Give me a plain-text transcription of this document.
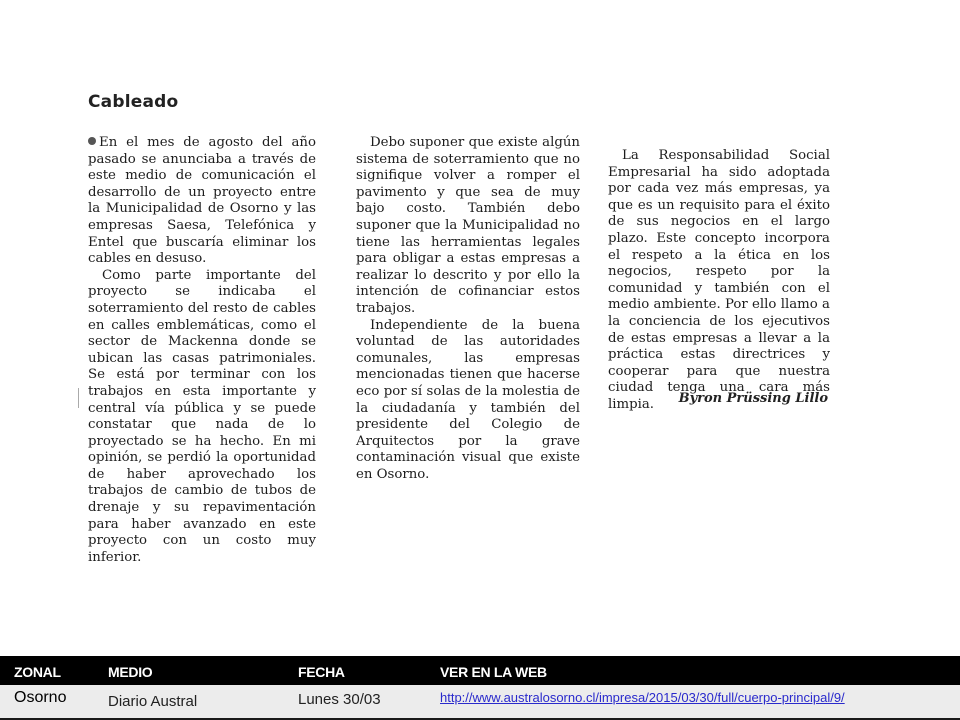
Cableado

En el mes de agosto del año pasado se anunciaba a través de este medio de comunicación el desarrollo de un proyecto entre la Municipalidad de Osorno y las empresas Saesa, Telefónica y Entel que buscaría eliminar los cables en desuso.

Como parte importante del proyecto se indicaba el soterramiento del resto de cables en calles emblemáticas, como el sector de Mackenna donde se ubican las casas patrimoniales. Se está por terminar con los trabajos en esta importante y central vía pública y se puede constatar que nada de lo proyectado se ha hecho. En mi opinión, se perdió la oportunidad de haber aprovechado los trabajos de cambio de tubos de drenaje y su repavimentación para haber avanzado en este proyecto con un costo muy inferior.

Debo suponer que existe algún sistema de soterramiento que no signifique volver a romper el pavimento y que sea de muy bajo costo. También debo suponer que la Municipalidad no tiene las herramientas legales para obligar a estas empresas a realizar lo descrito y por ello la intención de cofinanciar estos trabajos.

Independiente de la buena voluntad de las autoridades comunales, las empresas mencionadas tienen que hacerse eco por sí solas de la molestia de la ciudadanía y también del presidente del Colegio de Arquitectos por la grave contaminación visual que existe en Osorno.

La Responsabilidad Social Empresarial ha sido adoptada por cada vez más empresas, ya que es un requisito para el éxito de sus negocios en el largo plazo. Este concepto incorpora el respeto a la ética en los negocios, respeto por la comunidad y también con el medio ambiente. Por ello llamo a la conciencia de los ejecutivos de estas empresas a llevar a la práctica estas directrices y cooperar para que nuestra ciudad tenga una cara más limpia.	Byron Prüssing Lillo
ZONAL	MEDIO	FECHA	VER EN LA WEB
Osorno	Diario Austral	Lunes 30/03	http://www.australosorno.cl/impresa/2015/03/30/full/cuerpo-principal/9/
